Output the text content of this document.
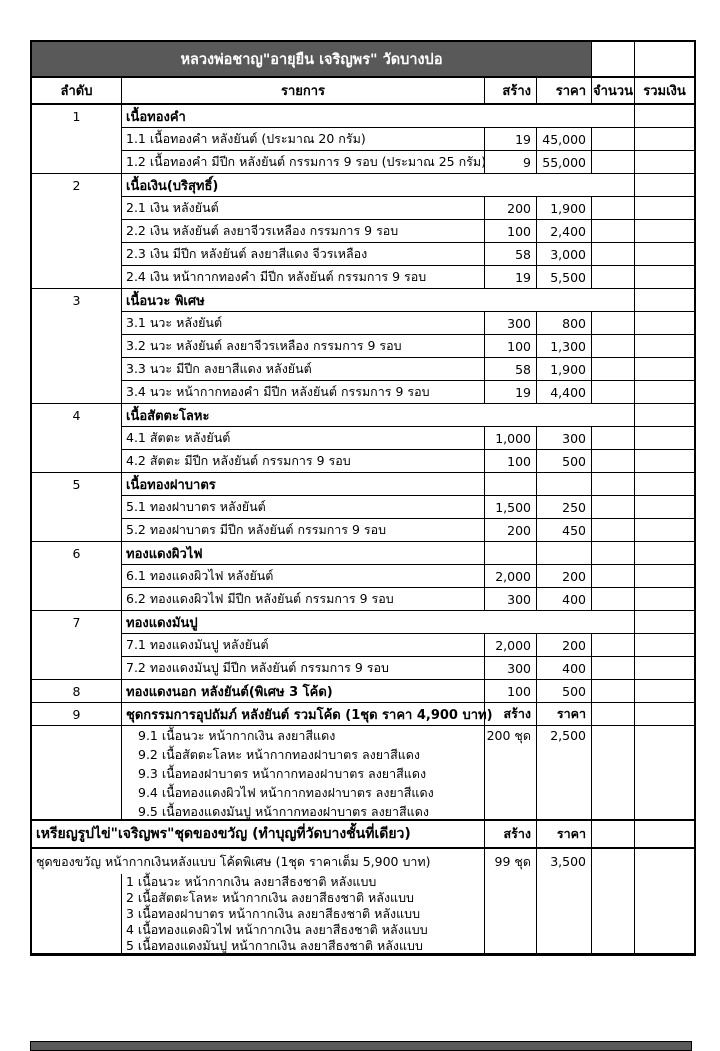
หลวงพ่อชาญ"อายุยืน เจริญพร" วัดบางบ่อ
ลำดับ	รายการ	สร้าง	ราคา จำนวน รวมเงิน
1	เนื้อทองคำ
1.1 เนื้อทองคำ หลังยันต์ (ประมาณ 20 กรัม)	19 45,000
1.2 เนื้อทองคำ มีปีก หลังยันต์ กรรมการ 9 รอบ (ประมาณ 25 กรัม)	9 55,000
2	เนื้อเงิน(บริสุทธิ์)
2.1 เงิน หลังยันต์	200	1,900
2.2 เงิน หลังยันต์ ลงยาจีวรเหลือง กรรมการ 9 รอบ	100	2,400
2.3 เงิน มีปีก หลังยันต์ ลงยาสีแดง จีวรเหลือง	58	3,000
2.4 เงิน หน้ากากทองคำ มีปีก หลังยันต์ กรรมการ 9 รอบ	19	5,500
3	เนื้อนวะ พิเศษ
3.1 นวะ หลังยันต์	300	800
3.2 นวะ หลังยันต์ ลงยาจีวรเหลือง กรรมการ 9 รอบ	100	1,300
3.3 นวะ มีปีก ลงยาสีแดง หลังยันต์	58	1,900
3.4 นวะ หน้ากากทองคำ มีปีก หลังยันต์ กรรมการ 9 รอบ	19	4,400
4	เนื้อสัตตะโลหะ
4.1 สัตตะ หลังยันต์	1,000	300
4.2 สัตตะ มีปีก หลังยันต์ กรรมการ 9 รอบ	100	500
5	เนื้อทองฝาบาตร
5.1 ทองฝาบาตร หลังยันต์	1,500	250
5.2 ทองฝาบาตร มีปีก หลังยันต์ กรรมการ 9 รอบ	200	450
6	ทองแดงผิวไฟ
6.1 ทองแดงผิวไฟ หลังยันต์	2,000	200
6.2 ทองแดงผิวไฟ มีปีก หลังยันต์ กรรมการ 9 รอบ	300	400
7	ทองแดงมันปู
7.1 ทองแดงมันปู หลังยันต์	2,000	200
7.2 ทองแดงมันปู มีปีก หลังยันต์ กรรมการ 9 รอบ	300	400
8	ทองแดงนอก หลังยันต์(พิเศษ 3 โค้ด)	100	500
9	ชุดกรรมการอุปถัมภ์ หลังยันต์ รวมโค้ด (1ชุด ราคา 4,900 บาท) สร้าง	ราคา
9.1 เนื้อนวะ หน้ากากเงิน ลงยาสีแดง
9.2 เนื้อสัตตะโลหะ หน้ากากทองฝาบาตร ลงยาสีแดง
9.3 เนื้อทองฝาบาตร หน้ากากทองฝาบาตร ลงยาสีแดง
9.4 เนื้อทองแดงผิวไฟ หน้ากากทองฝาบาตร ลงยาสีแดง
9.5 เนื้อทองแดงมันปู หน้ากากทองฝาบาตร ลงยาสีแดง
200 ชุด	2,500
เหรียญรูปไข่"เจริญพร"ชุดของขวัญ (ทำบุญที่วัดบางชั้นที่เดียว)	สร้าง	ราคา
ชุดของขวัญ หน้ากากเงินหลังแบบ โค้ดพิเศษ (1ชุด ราคาเต็ม 5,900 บาท)	99 ชุด	3,500
1 เนื้อนวะ หน้ากากเงิน ลงยาสีธงชาติ หลังแบบ
2 เนื้อสัตตะโลหะ หน้ากากเงิน ลงยาสีธงชาติ หลังแบบ
3 เนื้อทองฝาบาตร หน้ากากเงิน ลงยาสีธงชาติ หลังแบบ
4 เนื้อทองแดงผิวไฟ หน้ากากเงิน ลงยาสีธงชาติ หลังแบบ
5 เนื้อทองแดงมันปู หน้ากากเงิน ลงยาสีธงชาติ หลังแบบ
